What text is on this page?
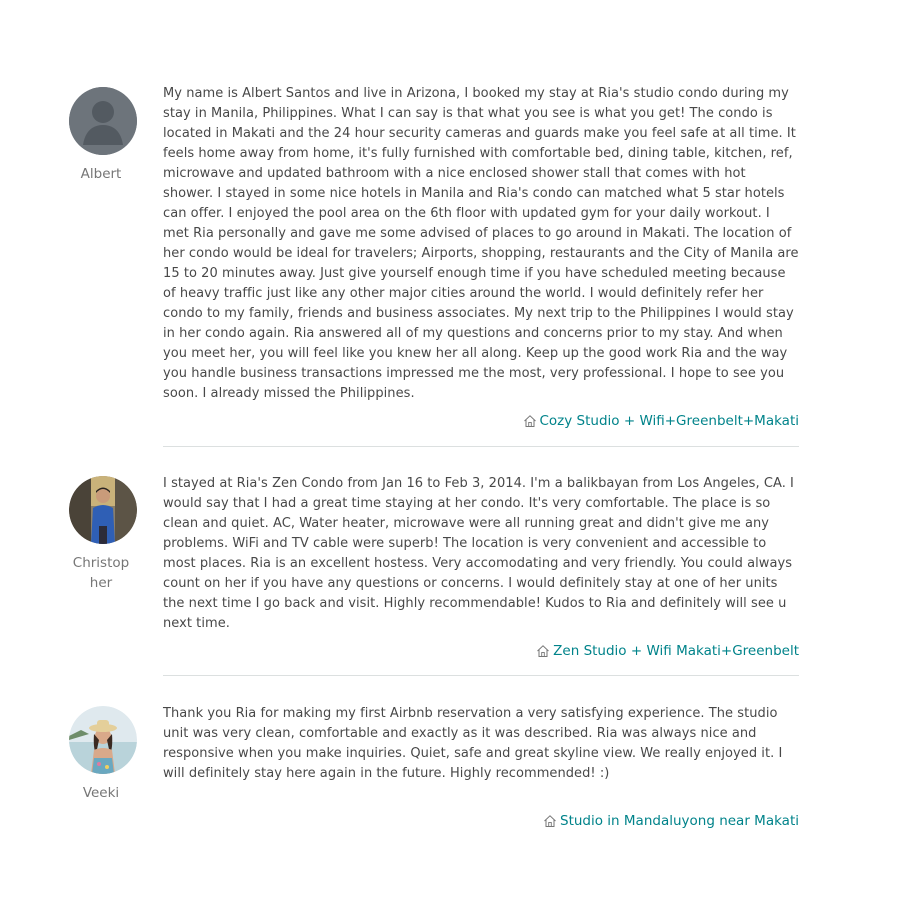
Albert

My name is Albert Santos and live in Arizona, I booked my stay at Ria's studio condo during my stay in Manila, Philippines. What I can say is that what you see is what you get! The condo is located in Makati and the 24 hour security cameras and guards make you feel safe at all time. It feels home away from home, it's fully furnished with comfortable bed, dining table, kitchen, ref, microwave and updated bathroom with a nice enclosed shower stall that comes with hot shower. I stayed in some nice hotels in Manila and Ria's condo can matched what 5 star hotels can offer. I enjoyed the pool area on the 6th floor with updated gym for your daily workout. I met Ria personally and gave me some advised of places to go around in Makati. The location of her condo would be ideal for travelers; Airports, shopping, restaurants and the City of Manila are 15 to 20 minutes away. Just give yourself enough time if you have scheduled meeting because of heavy traffic just like any other major cities around the world. I would definitely refer her condo to my family, friends and business associates. My next trip to the Philippines I would stay in her condo again. Ria answered all of my questions and concerns prior to my stay. And when you meet her, you will feel like you knew her all along. Keep up the good work Ria and the way you handle business transactions impressed me the most, very professional. I hope to see you soon. I already missed the Philippines.

Cozy Studio + Wifi+Greenbelt+Makati
Christopher

I stayed at Ria's Zen Condo from Jan 16 to Feb 3, 2014. I'm a balikbayan from Los Angeles, CA. I would say that I had a great time staying at her condo. It's very comfortable. The place is so clean and quiet. AC, Water heater, microwave were all running great and didn't give me any problems. WiFi and TV cable were superb! The location is very convenient and accessible to most places. Ria is an excellent hostess. Very accomodating and very friendly. You could always count on her if you have any questions or concerns. I would definitely stay at one of her units the next time I go back and visit. Highly recommendable! Kudos to Ria and definitely will see u next time.

Zen Studio + Wifi Makati+Greenbelt
Veeki

Thank you Ria for making my first Airbnb reservation a very satisfying experience. The studio unit was very clean, comfortable and exactly as it was described. Ria was always nice and responsive when you make inquiries. Quiet, safe and great skyline view. We really enjoyed it. I will definitely stay here again in the future. Highly recommended! :)

Studio in Mandaluyong near Makati
